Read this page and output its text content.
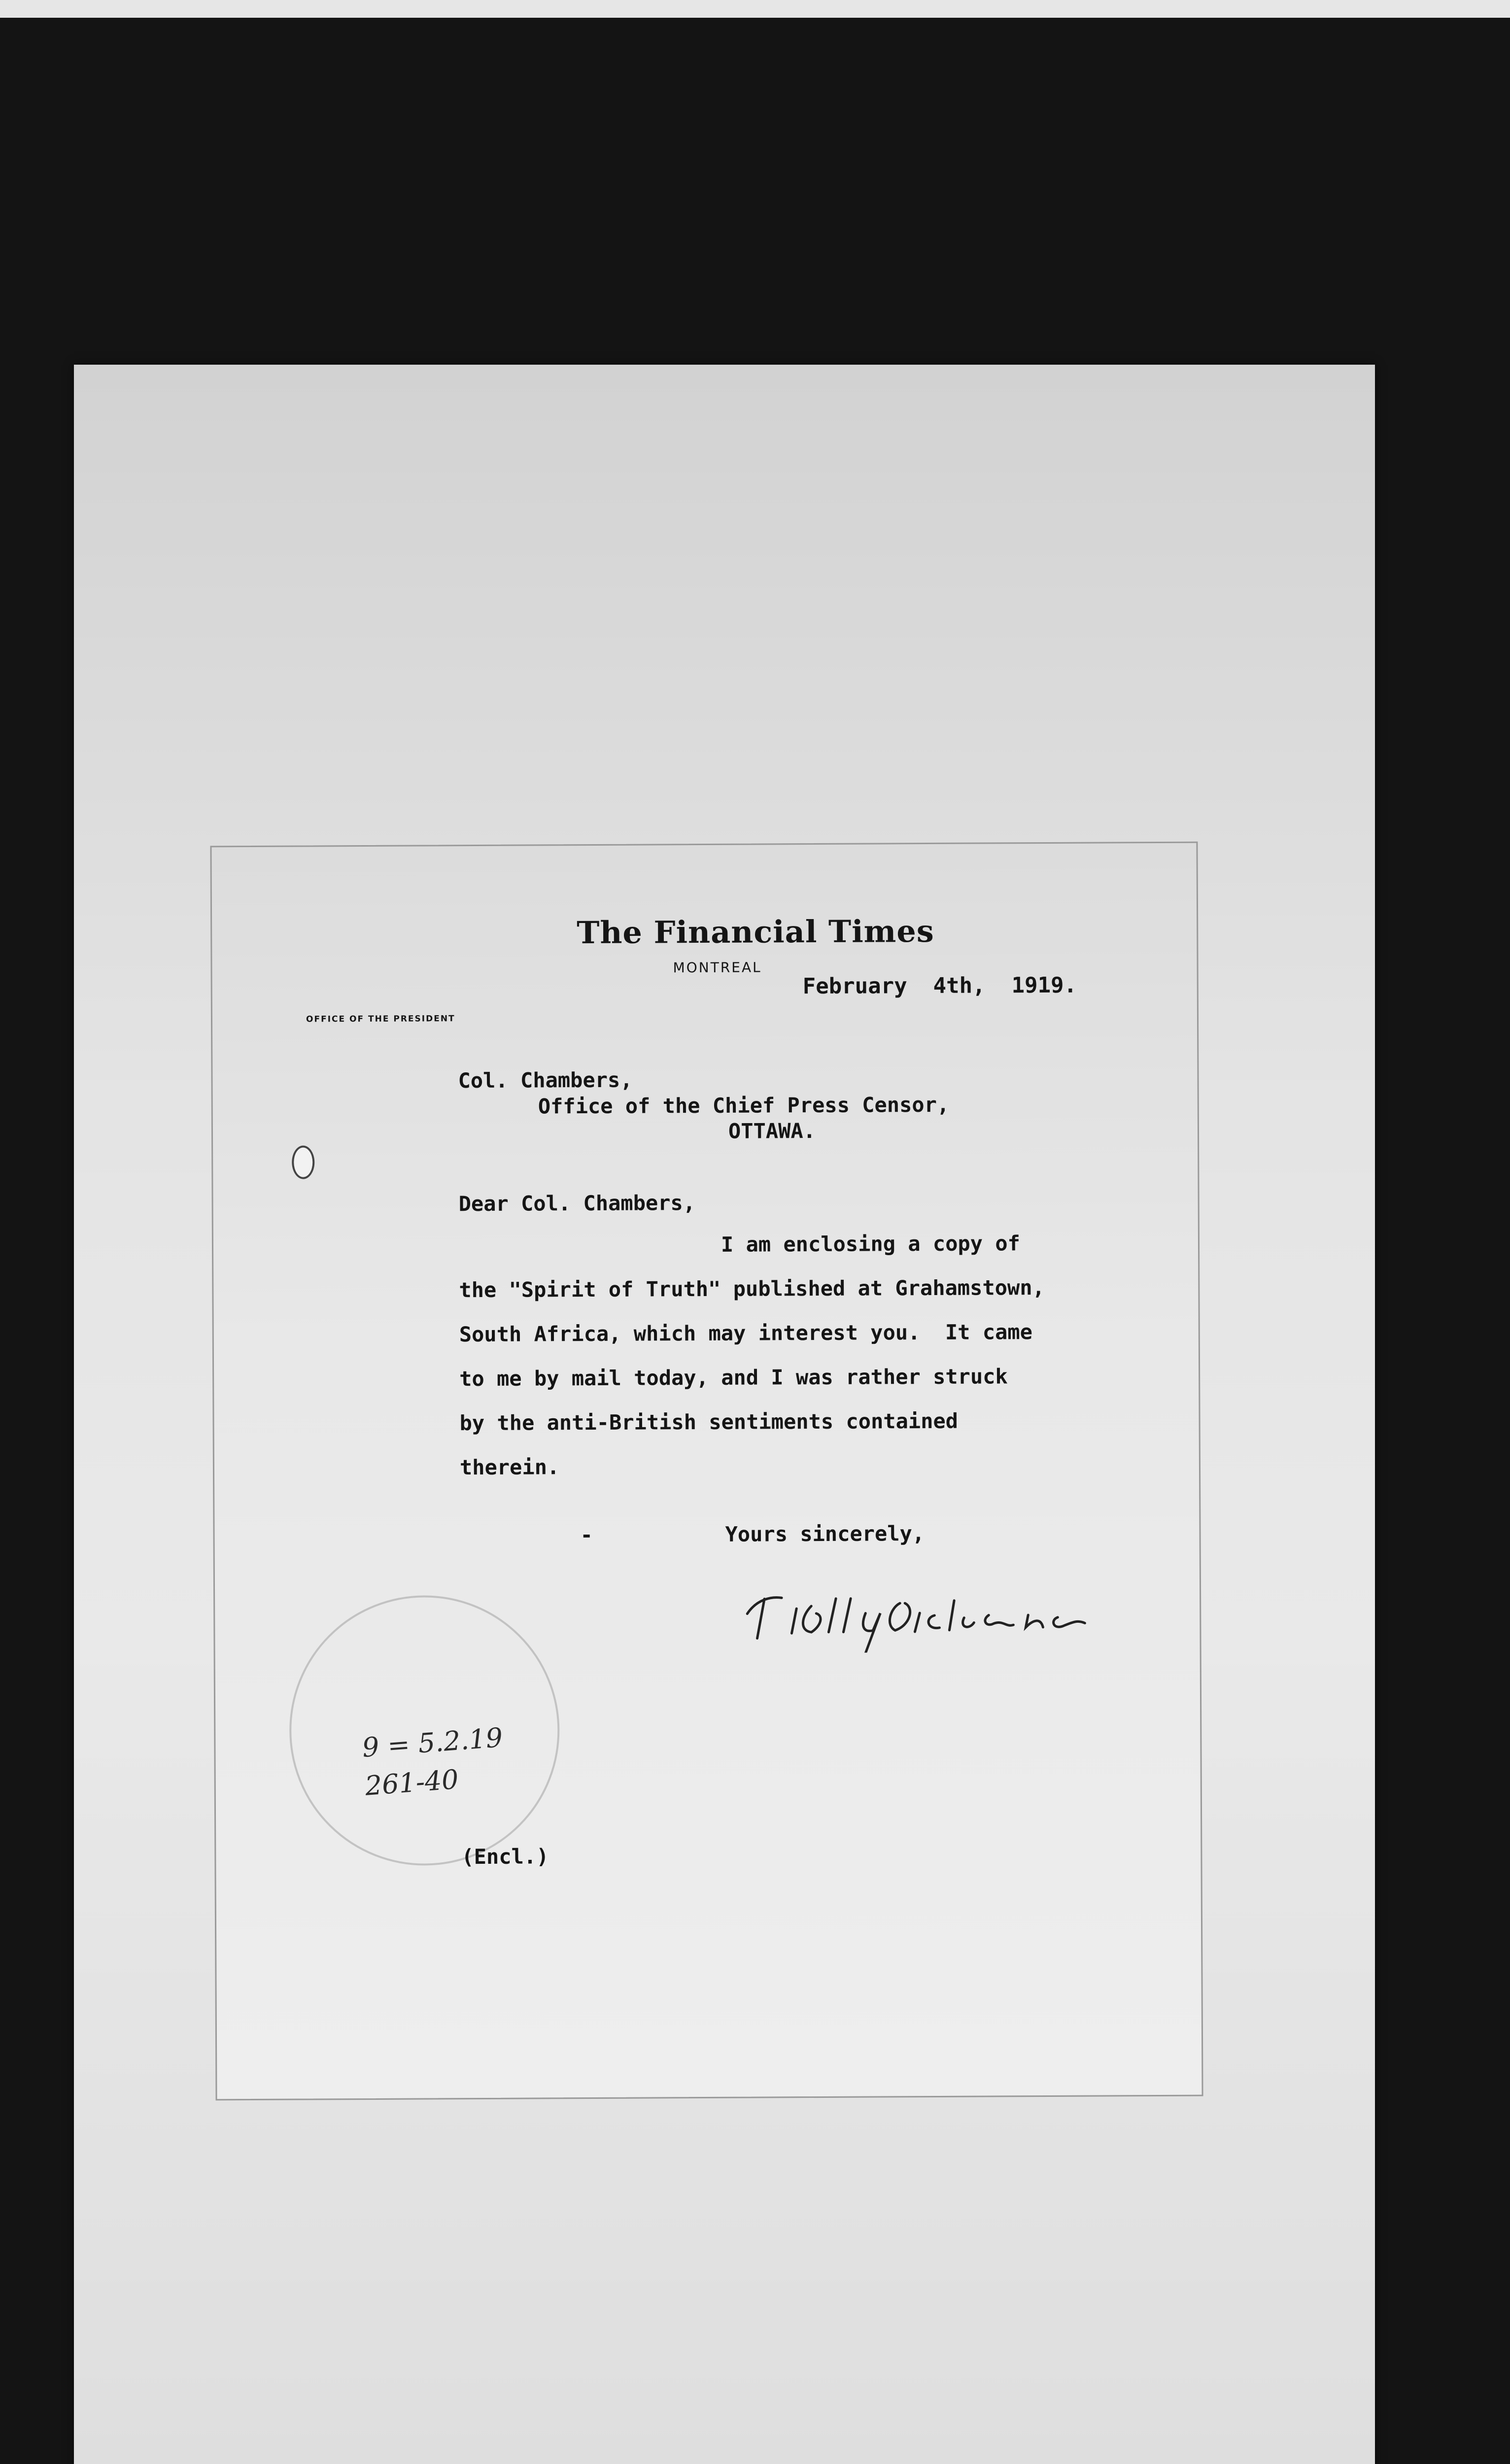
The Financial Times
MONTREAL
OFFICE OF THE PRESIDENT
February  4th,  1919.
Col. Chambers,
Office of the Chief Press Censor,
OTTAWA.
Dear Col. Chambers,
I am enclosing a copy of
the "Spirit of Truth" published at Grahamstown,
South Africa, which may interest you.  It came
to me by mail today, and I was rather struck
by the anti-British sentiments contained
therein.
-	Yours sincerely,
9 = 5.2.19
261-40
(Encl.)
